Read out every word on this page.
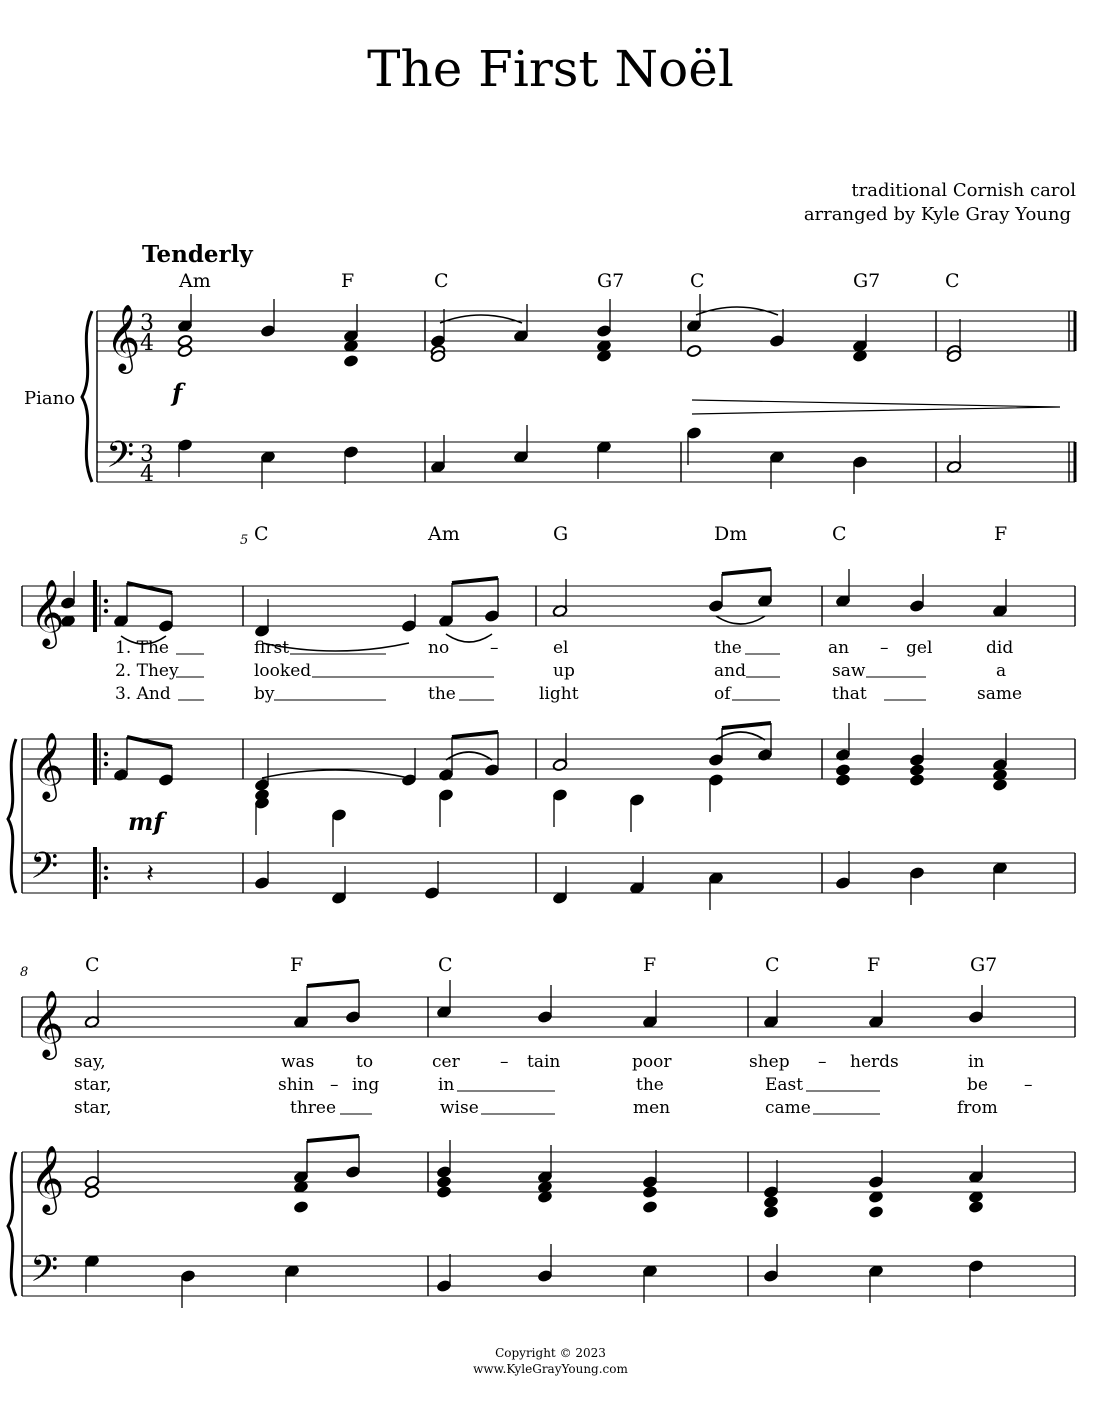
The First Noël
traditional Cornish carol
arranged by Kyle Gray Young
Tenderly
Piano
5
8
f
mf
Am	F	C	G7	C	G7	C
C	Am	G	Dm	C	F
C	F	C	F	C	F	G7
1. The	first	no –	el	the	an – gel	did
2. They	looked	up	and	saw	a
3. And	by	the	light	of	that	same
say,	was to	cer – tain	poor	shep – herds	in
star,	shin – ing	in	the	East	be –
star,	three	wise	men	came	from
Copyright © 2023
www.KyleGrayYoung.com
𝄞
𝄢
3
4
3
4
𝄞
𝄞
𝄢	𝄽
𝄞
𝄞
𝄢
